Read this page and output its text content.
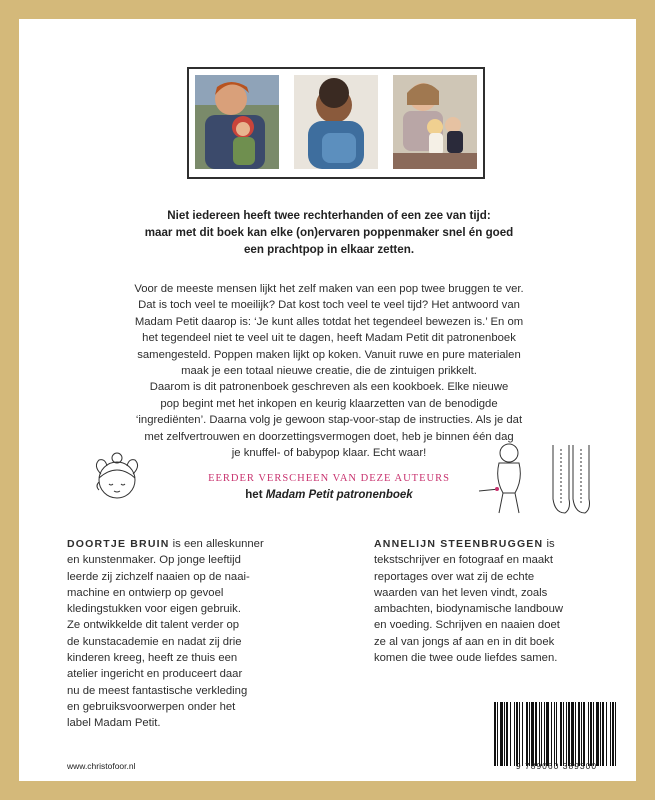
Niet iedereen heeft twee rechterhanden of een zee van tijd:
maar met dit boek kan elke (on)ervaren poppenmaker snel én goed
een prachtpop in elkaar zetten.
Voor de meeste mensen lijkt het zelf maken van een pop twee bruggen te ver.
Dat is toch veel te moeilijk? Dat kost toch veel te veel tijd? Het antwoord van
Madam Petit daarop is: ‘Je kunt alles totdat het tegendeel bewezen is.’ En om
het tegendeel niet te veel uit te dagen, heeft Madam Petit dit patronenboek
samengesteld. Poppen maken lijkt op koken. Vanuit ruwe en pure materialen
maak je een totaal nieuwe creatie, die de zintuigen prikkelt.
Daarom is dit patronenboek geschreven als een kookboek. Elke nieuwe
pop begint met het inkopen en keurig klaarzetten van de benodigde
‘ingrediënten’. Daarna volg je gewoon stap-voor-stap de instructies. Als je dat
met zelfvertrouwen en doorzettingsvermogen doet, heb je binnen één dag
je knuffel- of babypop klaar. Echt waar!
EERDER VERSCHEEN VAN DEZE AUTEURS
het Madam Petit patronenboek
DOORTJE BRUIN is een alleskunner
en kunstenmaker. Op jonge leeftijd
leerde zij zichzelf naaien op de naai-
machine en ontwierp op gevoel
kledingstukken voor eigen gebruik.
Ze ontwikkelde dit talent verder op
de kunstacademie en nadat zij drie
kinderen kreeg, heeft ze thuis een
atelier ingericht en produceert daar
nu de meest fantastische verkleding
en gebruiksvoorwerpen onder het
label Madam Petit.
ANNELIJN STEENBRUGGEN is
tekstschrijver en fotograaf en maakt
reportages over wat zij de echte
waarden van het leven vindt, zoals
ambachten, biodynamische landbouw
en voeding. Schrijven en naaien doet
ze al van jongs af aan en in dit boek
komen die twee oude liefdes samen.
9 789060 389300
www.christofoor.nl
